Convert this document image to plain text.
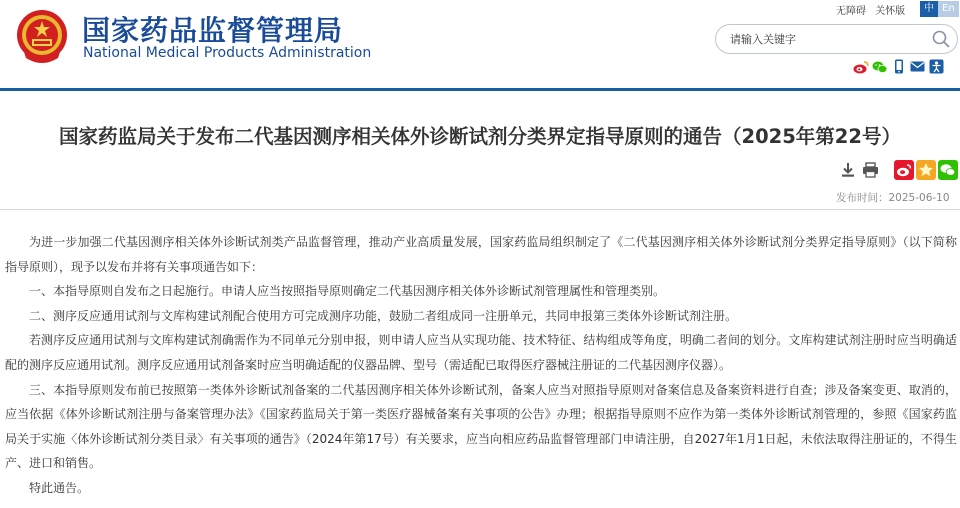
国家药品监督管理局
National Medical Products Administration
无障碍 关怀版	中 En
请输入关键字
国家药监局关于发布二代基因测序相关体外诊断试剂分类界定指导原则的通告（2025年第22号）
发布时间：2025-06-10

为进一步加强二代基因测序相关体外诊断试剂类产品监督管理，推动产业高质量发展，国家药监局组织制定了《二代基因测序相关体外诊断试剂分类界定指导原则》（以下简称指导原则），现予以发布并将有关事项通告如下：

一、本指导原则自发布之日起施行。申请人应当按照指导原则确定二代基因测序相关体外诊断试剂管理属性和管理类别。

二、测序反应通用试剂与文库构建试剂配合使用方可完成测序功能，鼓励二者组成同一注册单元，共同申报第三类体外诊断试剂注册。

若测序反应通用试剂与文库构建试剂确需作为不同单元分别申报，则申请人应当从实现功能、技术特征、结构组成等角度，明确二者间的划分。文库构建试剂注册时应当明确适配的测序反应通用试剂。测序反应通用试剂备案时应当明确适配的仪器品牌、型号（需适配已取得医疗器械注册证的二代基因测序仪器）。

三、本指导原则发布前已按照第一类体外诊断试剂备案的二代基因测序相关体外诊断试剂，备案人应当对照指导原则对备案信息及备案资料进行自查；涉及备案变更、取消的，应当依据《体外诊断试剂注册与备案管理办法》《国家药监局关于第一类医疗器械备案有关事项的公告》办理；根据指导原则不应作为第一类体外诊断试剂管理的，参照《国家药监局关于实施〈体外诊断试剂分类目录〉有关事项的通告》（2024年第17号）有关要求，应当向相应药品监督管理部门申请注册，自2027年1月1日起，未依法取得注册证的，不得生产、进口和销售。

特此通告。
